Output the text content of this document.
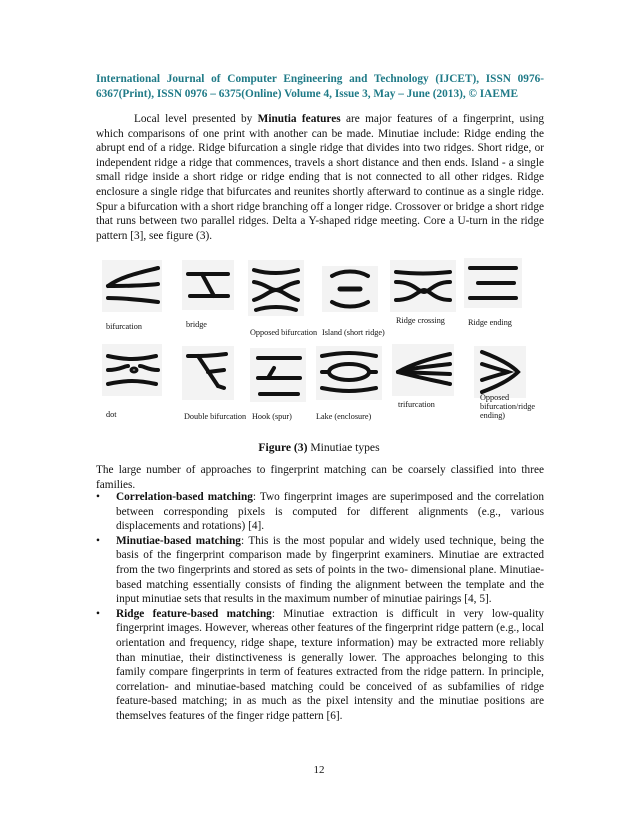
International Journal of Computer Engineering and Technology (IJCET), ISSN 0976-6367(Print), ISSN 0976 – 6375(Online) Volume 4, Issue 3, May – June (2013), © IAEME
Local level presented by Minutia features are major features of a fingerprint, using which comparisons of one print with another can be made. Minutiae include: Ridge ending the abrupt end of a ridge. Ridge bifurcation a single ridge that divides into two ridges. Short ridge, or independent ridge a ridge that commences, travels a short distance and then ends. Island - a single small ridge inside a short ridge or ridge ending that is not connected to all other ridges. Ridge enclosure a single ridge that bifurcates and reunites shortly afterward to continue as a single ridge. Spur a bifurcation with a short ridge branching off a longer ridge. Crossover or bridge a short ridge that runs between two parallel ridges. Delta a Y-shaped ridge meeting. Core a U-turn in the ridge pattern [3], see figure (3).
bifurcation	bridge
Opposed bifurcation Island (short ridge)
Ridge crossing	Ridge ending
dot	Double bifurcation Hook (spur)	Lake (enclosure)
trifurcation
Opposed bifurcation/ridge ending)
Figure (3) Minutiae types
The large number of approaches to fingerprint matching can be coarsely classified into three families.
• Correlation-based matching: Two fingerprint images are superimposed and the correlation between corresponding pixels is computed for different alignments (e.g., various displacements and rotations) [4].
• Minutiae-based matching: This is the most popular and widely used technique, being the basis of the fingerprint comparison made by fingerprint examiners. Minutiae are extracted from the two fingerprints and stored as sets of points in the two- dimensional plane. Minutiae-based matching essentially consists of finding the alignment between the template and the input minutiae sets that results in the maximum number of minutiae pairings [4, 5].
• Ridge feature-based matching: Minutiae extraction is difficult in very low-quality fingerprint images. However, whereas other features of the fingerprint ridge pattern (e.g., local orientation and frequency, ridge shape, texture information) may be extracted more reliably than minutiae, their distinctiveness is generally lower. The approaches belonging to this family compare fingerprints in term of features extracted from the ridge pattern. In principle, correlation- and minutiae-based matching could be conceived of as subfamilies of ridge feature-based matching; in as much as the pixel intensity and the minutiae positions are themselves features of the finger ridge pattern [6].
12
